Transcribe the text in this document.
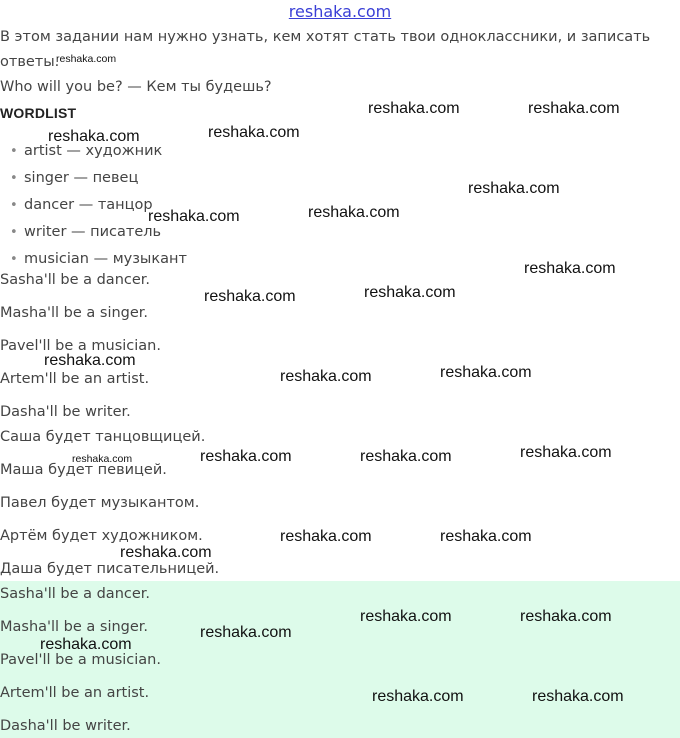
reshaka.com
В этом задании нам нужно узнать, кем хотят стать твои одноклассники, и записать ответы.
Who will you be? — Кем ты будешь?
WORDLIST
• artist — художник
• singer — певец
• dancer — танцор
• writer — писатель
• musician — музыкант
Sasha'll be a dancer.
Masha'll be a singer.
Pavel'll be a musician.
Artem'll be an artist.
Dasha'll be writer.
Саша будет танцовщицей.
Маша будет певицей.
Павел будет музыкантом.
Артём будет художником.
Даша будет писательницей.
Sasha'll be a dancer.
Masha'll be a singer.
Pavel'll be a musician.
Artem'll be an artist.
Dasha'll be writer.
reshaka.com
reshaka.com	reshaka.com
reshaka.com	reshaka.com
reshaka.com
reshaka.com	reshaka.com
reshaka.com
reshaka.com	reshaka.com
reshaka.com
reshaka.com	reshaka.com
reshaka.com	reshaka.com	reshaka.com	reshaka.com
reshaka.com	reshaka.com
reshaka.com
reshaka.com	reshaka.com
reshaka.com
reshaka.com
reshaka.com	reshaka.com
